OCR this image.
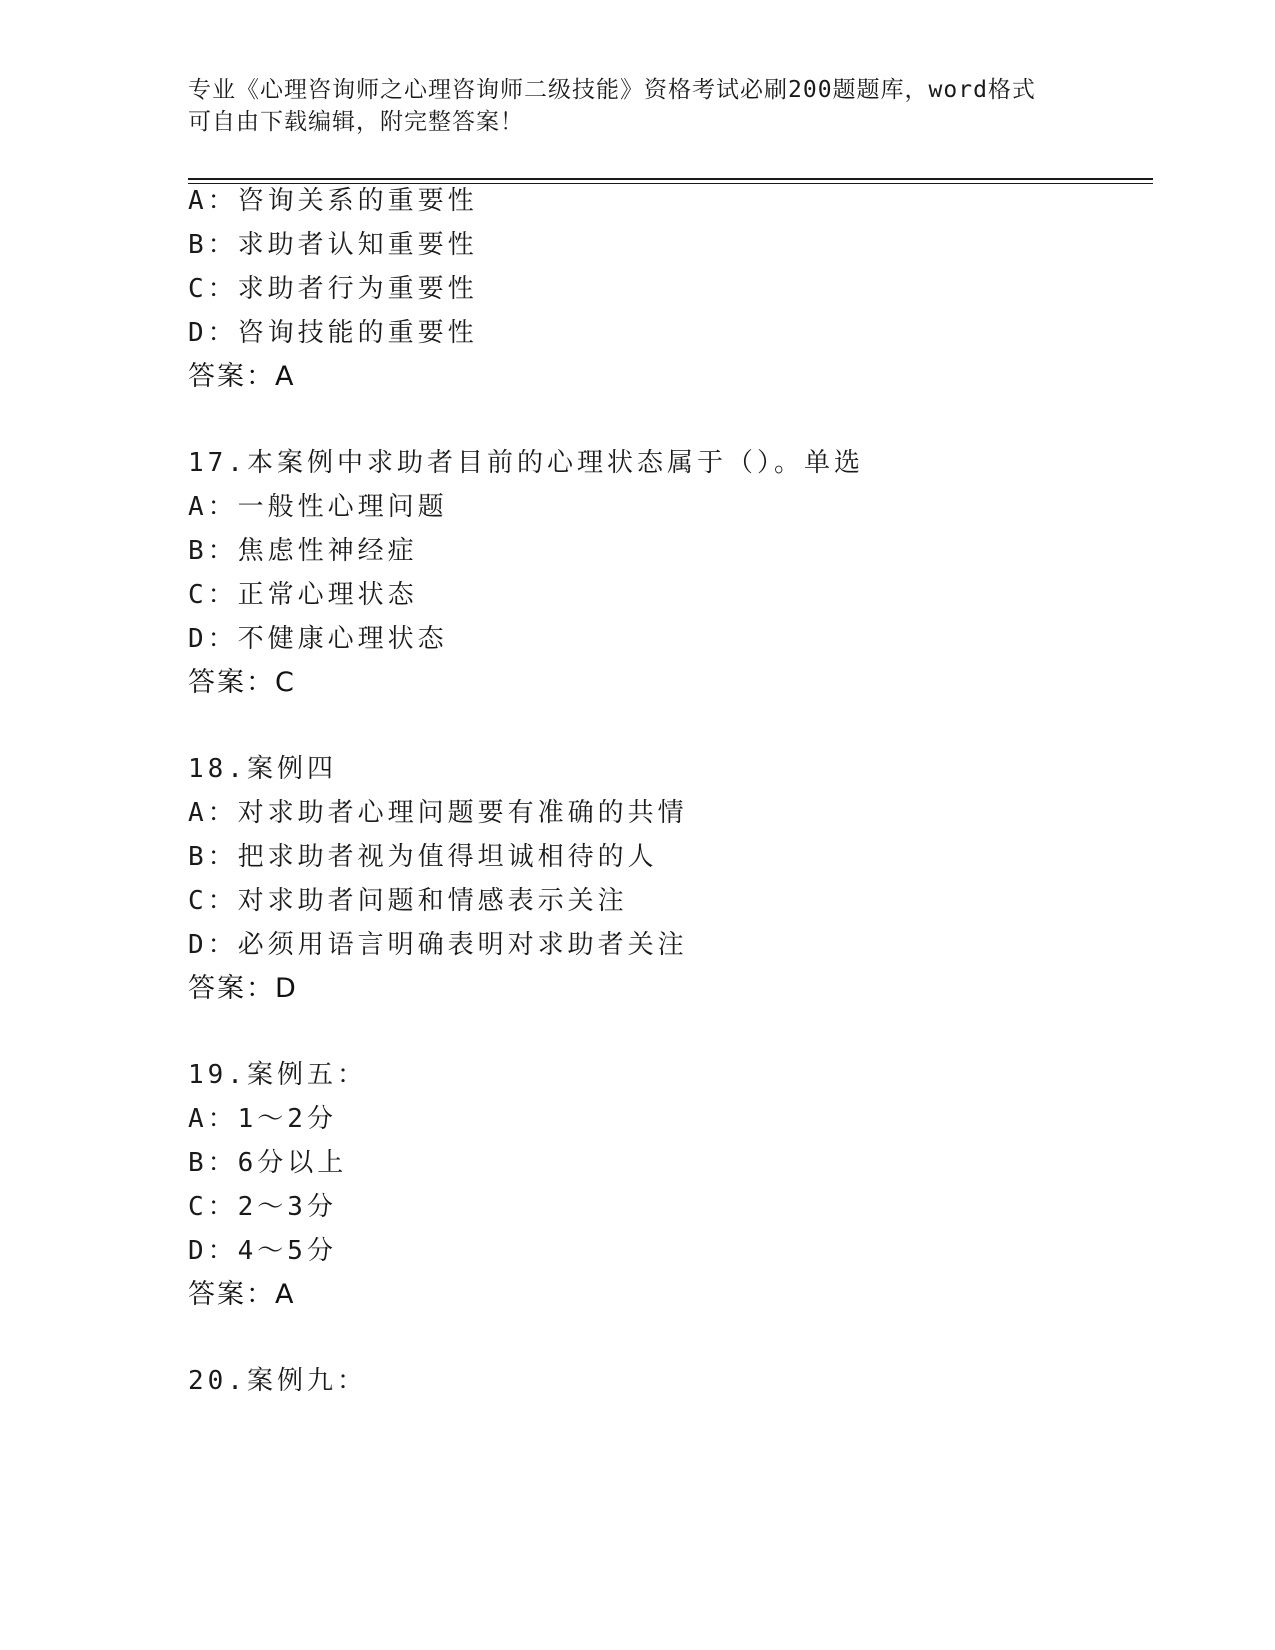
专业《心理咨询师之心理咨询师二级技能》资格考试必刷200题题库，word格式
可自由下载编辑，附完整答案！
A：咨询关系的重要性
B：求助者认知重要性
C：求助者行为重要性
D：咨询技能的重要性
答案：A
17.本案例中求助者目前的心理状态属于（）。单选
A：一般性心理问题
B：焦虑性神经症
C：正常心理状态
D：不健康心理状态
答案：C
18.案例四
A：对求助者心理问题要有准确的共情
B：把求助者视为值得坦诚相待的人
C：对求助者问题和情感表示关注
D：必须用语言明确表明对求助者关注
答案：D
19.案例五：
A：1～2分
B：6分以上
C：2～3分
D：4～5分
答案：A
20.案例九：
